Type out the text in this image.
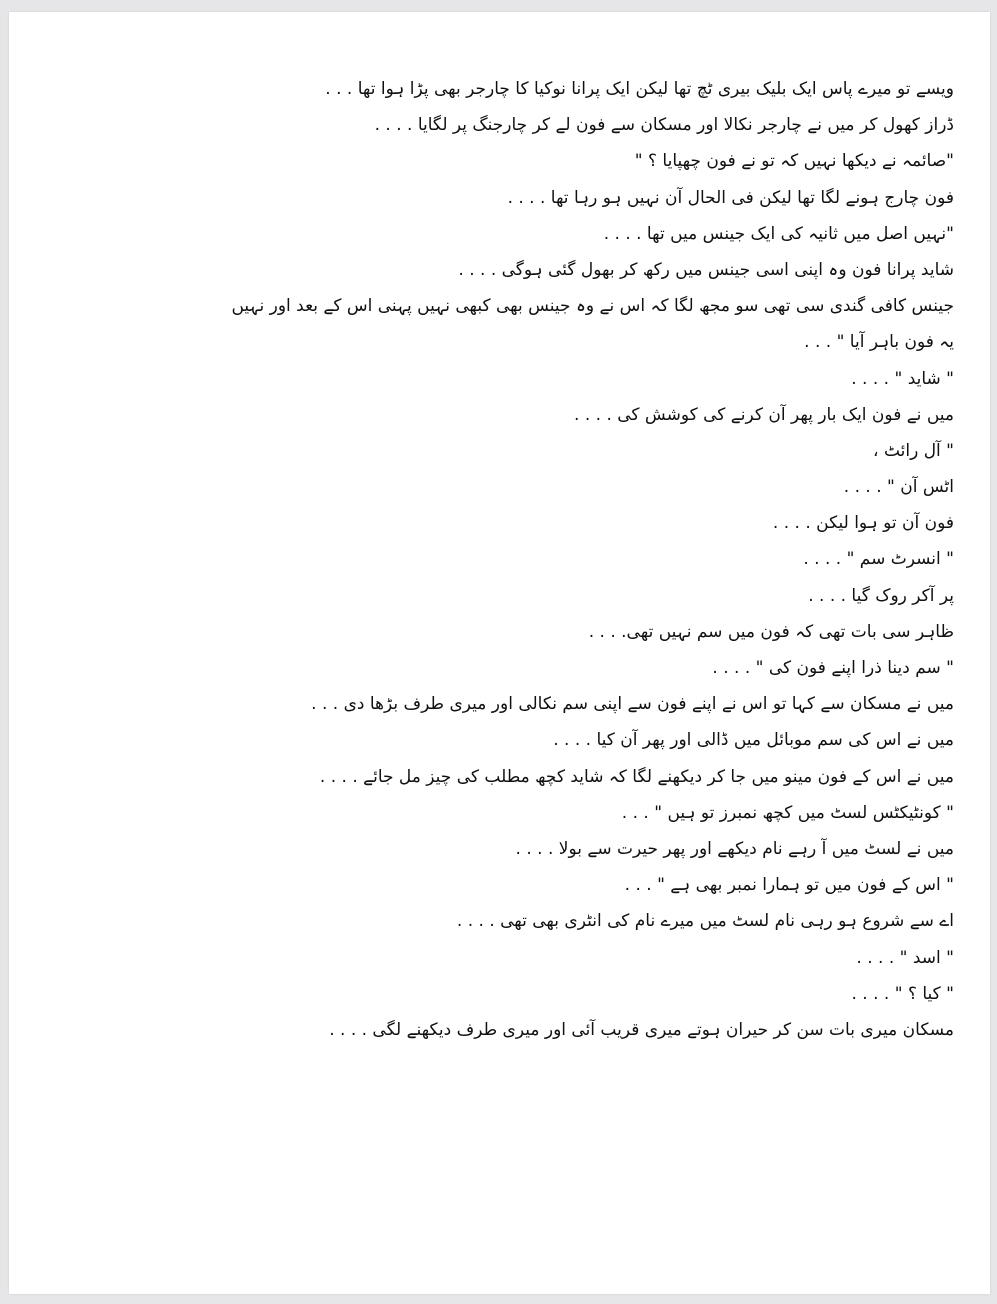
ویسے تو میرے پاس ایک بلیک بیری ٹچ تھا لیکن ایک پرانا نوکیا کا چارجر بھی پڑا ہوا تھا . . .
ڈراز کھول کر میں نے چارجر نکالا اور مسکان سے فون لے کر چارجنگ پر لگایا . . . .
"صائمہ نے دیکھا نہیں کہ تو نے فون چھپایا ؟ "
فون چارج ہونے لگا تھا لیکن فی الحال آن نہیں ہو رہا تھا . . . .
"نہیں اصل میں ثانیہ کی ایک جینس میں تھا . . . .
شاید پرانا فون وہ اپنی اسی جینس میں رکھ کر بھول گئی ہوگی . . . .
جینس کافی گندی سی تھی سو مجھ لگا کہ اس نے وہ جینس بھی کبھی نہیں پہنی اس کے بعد اور نہیں
یہ فون باہر آیا " . . .
" شاید " . . . .
میں نے فون ایک بار پھر آن کرنے کی کوشش کی . . . .
" آل رائٹ ،
اٹس آن " . . . .
فون آن تو ہوا لیکن . . . .
" انسرٹ سم " . . . .
پر آکر روک گیا . . . .
ظاہر سی بات تھی کہ فون میں سم نہیں تھی. . . .
" سم دینا ذرا اپنے فون کی " . . . .
میں نے مسکان سے کہا تو اس نے اپنے فون سے اپنی سم نکالی اور میری طرف بڑھا دی . . .
میں نے اس کی سم موبائل میں ڈالی اور پھر آن کیا . . . .
میں نے اس کے فون مینو میں جا کر دیکھنے لگا کہ شاید کچھ مطلب کی چیز مل جائے . . . .
" کونٹیکٹس لسٹ میں کچھ نمبرز تو ہیں " . . .
میں نے لسٹ میں آ رہے نام دیکھے اور پھر حیرت سے بولا . . . .
" اس کے فون میں تو ہمارا نمبر بھی ہے " . . .
اے سے شروع ہو رہی نام لسٹ میں میرے نام کی انٹری بھی تھی . . . .
" اسد " . . . .
" کیا ؟ " . . . .
مسکان میری بات سن کر حیران ہوتے میری قریب آئی اور میری طرف دیکھنے لگی . . . .
